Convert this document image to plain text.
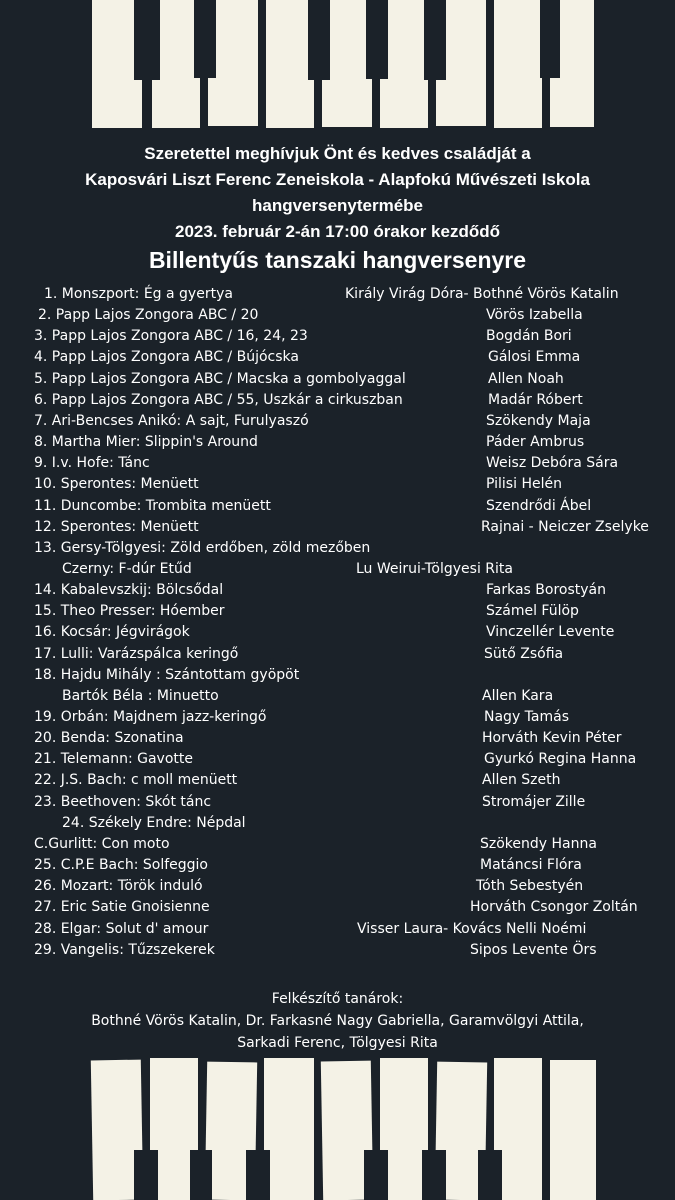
Szeretettel meghívjuk Önt és kedves családját a
Kaposvári Liszt Ferenc Zeneiskola - Alapfokú Művészeti Iskola
hangversenytermébe
2023. február 2-án 17:00 órakor kezdődő
Billentyűs tanszaki hangversenyre
1. Monszport: Ég a gyertya	Király Virág Dóra- Bothné Vörös Katalin
2. Papp Lajos Zongora ABC / 20	Vörös Izabella
3. Papp Lajos Zongora ABC / 16, 24, 23	Bogdán Bori
4. Papp Lajos Zongora ABC / Bújócska	Gálosi Emma
5. Papp Lajos Zongora ABC / Macska a gombolyaggal	Allen Noah
6. Papp Lajos Zongora ABC / 55, Uszkár a cirkuszban	Madár Róbert
7. Ari-Bencses Anikó: A sajt, Furulyaszó	Szökendy Maja
8. Martha Mier: Slippin's Around	Páder Ambrus
9. I.v. Hofe: Tánc	Weisz Debóra Sára
10. Sperontes: Menüett	Pilisi Helén
11. Duncombe: Trombita menüett	Szendrődi Ábel
12. Sperontes: Menüett	Rajnai - Neiczer Zselyke
13. Gersy-Tölgyesi: Zöld erdőben, zöld mezőben
Czerny: F-dúr Etűd	Lu Weirui-Tölgyesi Rita
14. Kabalevszkij: Bölcsődal	Farkas Borostyán
15. Theo Presser: Hóember	Számel Fülöp
16. Kocsár: Jégvirágok	Vinczellér Levente
17. Lulli: Varázspálca keringő	Sütő Zsófia
18. Hajdu Mihály : Szántottam gyöpöt
Bartók Béla : Minuetto	Allen Kara
19. Orbán: Majdnem jazz-keringő	Nagy Tamás
20. Benda: Szonatina	Horváth Kevin Péter
21. Telemann: Gavotte	Gyurkó Regina Hanna
22. J.S. Bach: c moll menüett	Allen Szeth
23. Beethoven: Skót tánc	Stromájer Zille
24. Székely Endre: Népdal
C.Gurlitt: Con moto	Szökendy Hanna
25. C.P.E Bach: Solfeggio	Matáncsi Flóra
26. Mozart: Török induló	Tóth Sebestyén
27. Eric Satie Gnoisienne	Horváth Csongor Zoltán
28. Elgar: Solut d' amour	Visser Laura- Kovács Nelli Noémi
29. Vangelis: Tűzszekerek	Sipos Levente Örs
Felkészítő tanárok:
Bothné Vörös Katalin, Dr. Farkasné Nagy Gabriella, Garamvölgyi Attila,
Sarkadi Ferenc, Tölgyesi Rita
